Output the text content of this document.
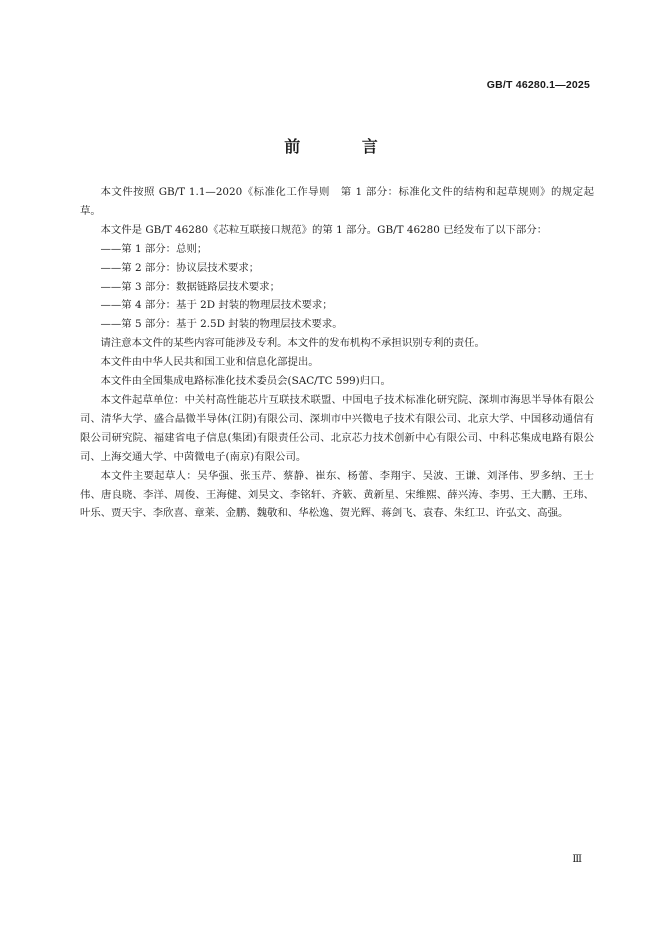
GB/T 46280.1—2025
前 言

本文件按照 GB/T 1.1—2020《标准化工作导则　第 1 部分：标准化文件的结构和起草规则》的规定起草。

本文件是 GB/T 46280《芯粒互联接口规范》的第 1 部分。GB/T 46280 已经发布了以下部分：

——第 1 部分：总则；

——第 2 部分：协议层技术要求；

——第 3 部分：数据链路层技术要求；

——第 4 部分：基于 2D 封装的物理层技术要求；

——第 5 部分：基于 2.5D 封装的物理层技术要求。

请注意本文件的某些内容可能涉及专利。本文件的发布机构不承担识别专利的责任。

本文件由中华人民共和国工业和信息化部提出。

本文件由全国集成电路标准化技术委员会(SAC/TC 599)归口。

本文件起草单位：中关村高性能芯片互联技术联盟、中国电子技术标准化研究院、深圳市海思半导体有限公司、清华大学、盛合晶微半导体(江阴)有限公司、深圳市中兴微电子技术有限公司、北京大学、中国移动通信有限公司研究院、福建省电子信息(集团)有限责任公司、北京芯力技术创新中心有限公司、中科芯集成电路有限公司、上海交通大学、中茵微电子(南京)有限公司。

本文件主要起草人：吴华强、张玉芹、蔡静、崔东、杨蕾、李翔宇、吴波、王谦、刘泽伟、罗多纳、王士伟、唐良晓、李洋、周俊、王海健、刘昊文、李铭轩、齐簌、黄新星、宋维熙、薛兴涛、李男、王大鹏、王玮、叶乐、贾天宇、李欣喜、章莱、金鹏、魏敬和、华松逸、贺光辉、蒋剑飞、袁春、朱红卫、许弘文、高强。

Ⅲ
